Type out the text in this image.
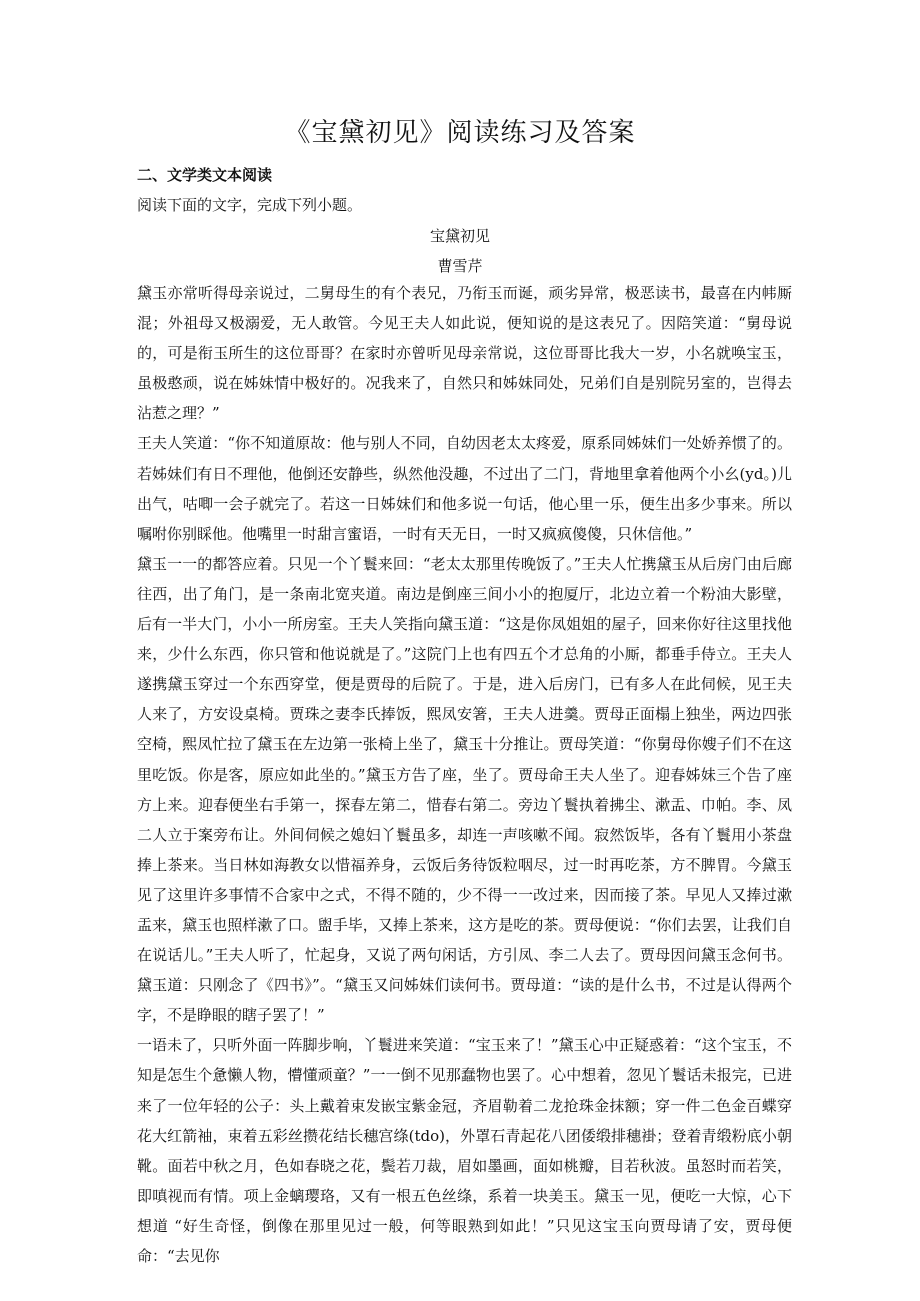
《宝黛初见》阅读练习及答案
二、文学类文本阅读
阅读下面的文字，完成下列小题。
宝黛初见
曹雪芹

黛玉亦常听得母亲说过，二舅母生的有个表兄，乃衔玉而诞，顽劣异常，极恶读书，最喜在内帏厮混；外祖母又极溺爱，无人敢管。今见王夫人如此说，便知说的是这表兄了。因陪笑道：“舅母说的，可是衔玉所生的这位哥哥？在家时亦曾听见母亲常说，这位哥哥比我大一岁，小名就唤宝玉，虽极憨顽，说在姊妹情中极好的。况我来了，自然只和姊妹同处，兄弟们自是别院另室的，岂得去沾惹之理？”

王夫人笑道：“你不知道原故：他与别人不同，自幼因老太太疼爱，原系同姊妹们一处娇养惯了的。若姊妹们有日不理他，他倒还安静些，纵然他没趣，不过出了二门，背地里拿着他两个小幺(yd。)儿出气，咕唧一会子就完了。若这一日姊妹们和他多说一句话，他心里一乐，便生出多少事来。所以嘱咐你别睬他。他嘴里一时甜言蜜语，一时有天无日，一时又疯疯傻傻，只休信他。”

黛玉一一的都答应着。只见一个丫鬟来回：“老太太那里传晚饭了。”王夫人忙携黛玉从后房门由后廊往西，出了角门，是一条南北宽夹道。南边是倒座三间小小的抱厦厅，北边立着一个粉油大影壁，后有一半大门，小小一所房室。王夫人笑指向黛玉道：“这是你凤姐姐的屋子，回来你好往这里找他来，少什么东西，你只管和他说就是了。”这院门上也有四五个才总角的小厮，都垂手侍立。王夫人遂携黛玉穿过一个东西穿堂，便是贾母的后院了。于是，进入后房门，已有多人在此伺候，见王夫人来了，方安设桌椅。贾珠之妻李氏捧饭，熙凤安箸，王夫人进羹。贾母正面榻上独坐，两边四张空椅，熙凤忙拉了黛玉在左边第一张椅上坐了，黛玉十分推让。贾母笑道：“你舅母你嫂子们不在这里吃饭。你是客，原应如此坐的。”黛玉方告了座，坐了。贾母命王夫人坐了。迎春姊妹三个告了座方上来。迎春便坐右手第一，探春左第二，惜春右第二。旁边丫鬟执着拂尘、漱盂、巾帕。李、凤二人立于案旁布让。外间伺候之媳妇丫鬟虽多，却连一声咳嗽不闻。寂然饭毕，各有丫鬟用小茶盘捧上茶来。当日林如海教女以惜福养身，云饭后务待饭粒咽尽，过一时再吃茶，方不脾胃。今黛玉见了这里许多事情不合家中之式，不得不随的，少不得一一改过来，因而接了茶。早见人又捧过漱盂来，黛玉也照样漱了口。盥手毕，又捧上茶来，这方是吃的茶。贾母便说：“你们去罢，让我们自在说话儿。”王夫人听了，忙起身，又说了两句闲话，方引凤、李二人去了。贾母因问黛玉念何书。黛玉道：只刚念了《四书》”。“黛玉又问姊妹们读何书。贾母道：“读的是什么书，不过是认得两个字，不是睁眼的瞎子罢了！”

一语未了，只听外面一阵脚步响，丫鬟进来笑道：“宝玉来了！”黛玉心中正疑惑着：“这个宝玉，不知是怎生个惫懒人物，懵懂顽童？”一一倒不见那蠢物也罢了。心中想着，忽见丫鬟话未报完，已进来了一位年轻的公子：头上戴着束发嵌宝紫金冠，齐眉勒着二龙抢珠金抹额；穿一件二色金百蝶穿花大红箭袖，束着五彩丝攒花结长穗宫绦(tdo)，外罩石青起花八团倭缎排穗褂；登着青缎粉底小朝靴。面若中秋之月，色如春晓之花，鬓若刀裁，眉如墨画，面如桃瓣，目若秋波。虽怒时而若笑，即嗔视而有情。项上金螭璎珞，又有一根五色丝绦，系着一块美玉。黛玉一见，便吃一大惊，心下想道 “好生奇怪，倒像在那里见过一般，何等眼熟到如此！”只见这宝玉向贾母请了安，贾母便命：“去见你
